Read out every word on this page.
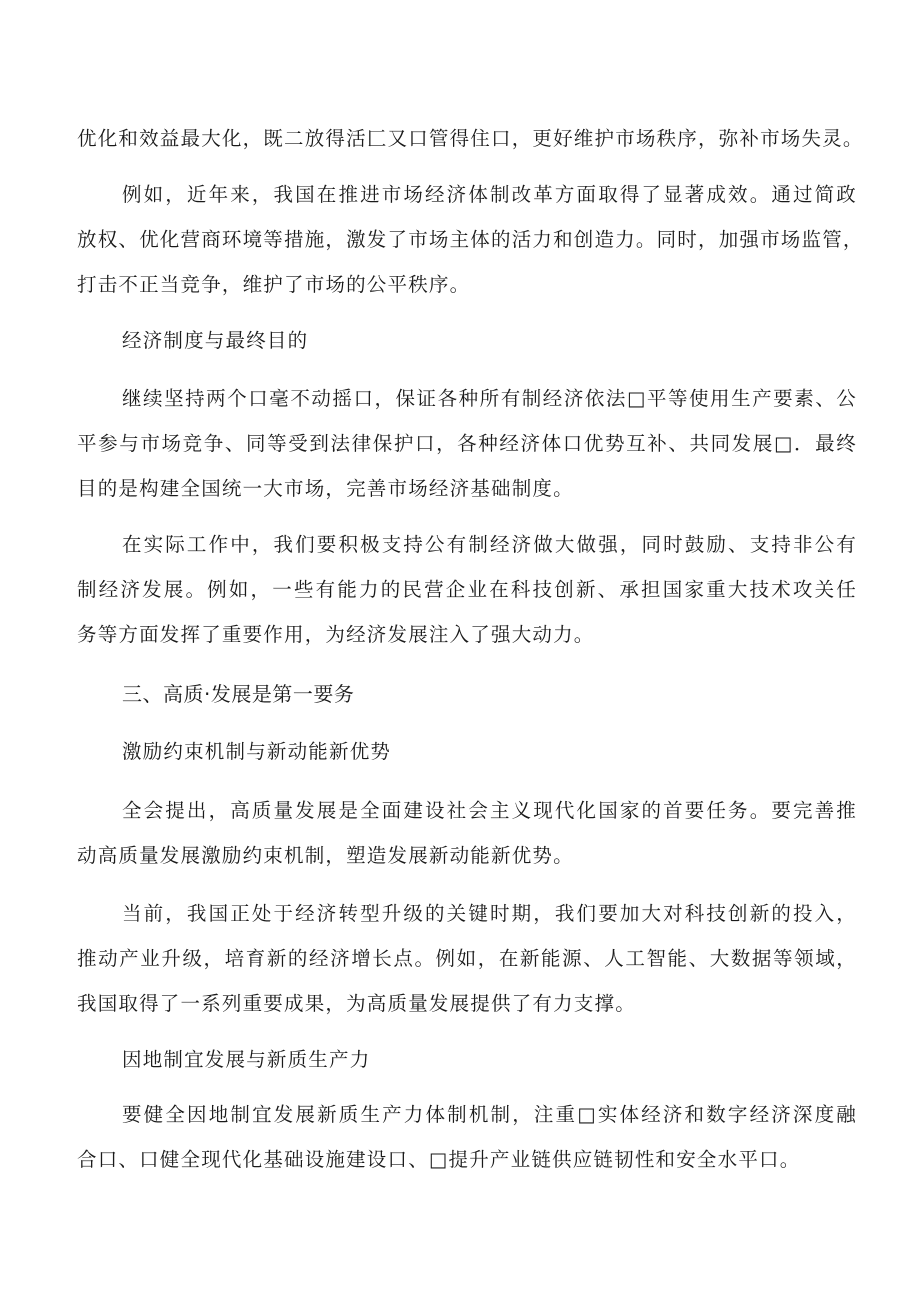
优化和效益最大化，既二放得活匚又口管得住口，更好维护市场秩序，弥补市场失灵。
例如，近年来，我国在推进市场经济体制改革方面取得了显著成效。通过简政
放权、优化营商环境等措施，激发了市场主体的活力和创造力。同时，加强市场监管，
打击不正当竞争，维护了市场的公平秩序。
经济制度与最终目的
继续坚持两个口毫不动摇口，保证各种所有制经济依法□平等使用生产要素、公
平参与市场竞争、同等受到法律保护口，各种经济体口优势互补、共同发展□．最终
目的是构建全国统一大市场，完善市场经济基础制度。
在实际工作中，我们要积极支持公有制经济做大做强，同时鼓励、支持非公有
制经济发展。例如，一些有能力的民营企业在科技创新、承担国家重大技术攻关任
务等方面发挥了重要作用，为经济发展注入了强大动力。
三、高质·发展是第一要务
激励约束机制与新动能新优势
全会提出，高质量发展是全面建设社会主义现代化国家的首要任务。要完善推
动高质量发展激励约束机制，塑造发展新动能新优势。
当前，我国正处于经济转型升级的关键时期，我们要加大对科技创新的投入，
推动产业升级，培育新的经济增长点。例如，在新能源、人工智能、大数据等领域，
我国取得了一系列重要成果，为高质量发展提供了有力支撑。
因地制宜发展与新质生产力
要健全因地制宜发展新质生产力体制机制，注重□实体经济和数字经济深度融
合口、口健全现代化基础设施建设口、□提升产业链供应链韧性和安全水平口。
